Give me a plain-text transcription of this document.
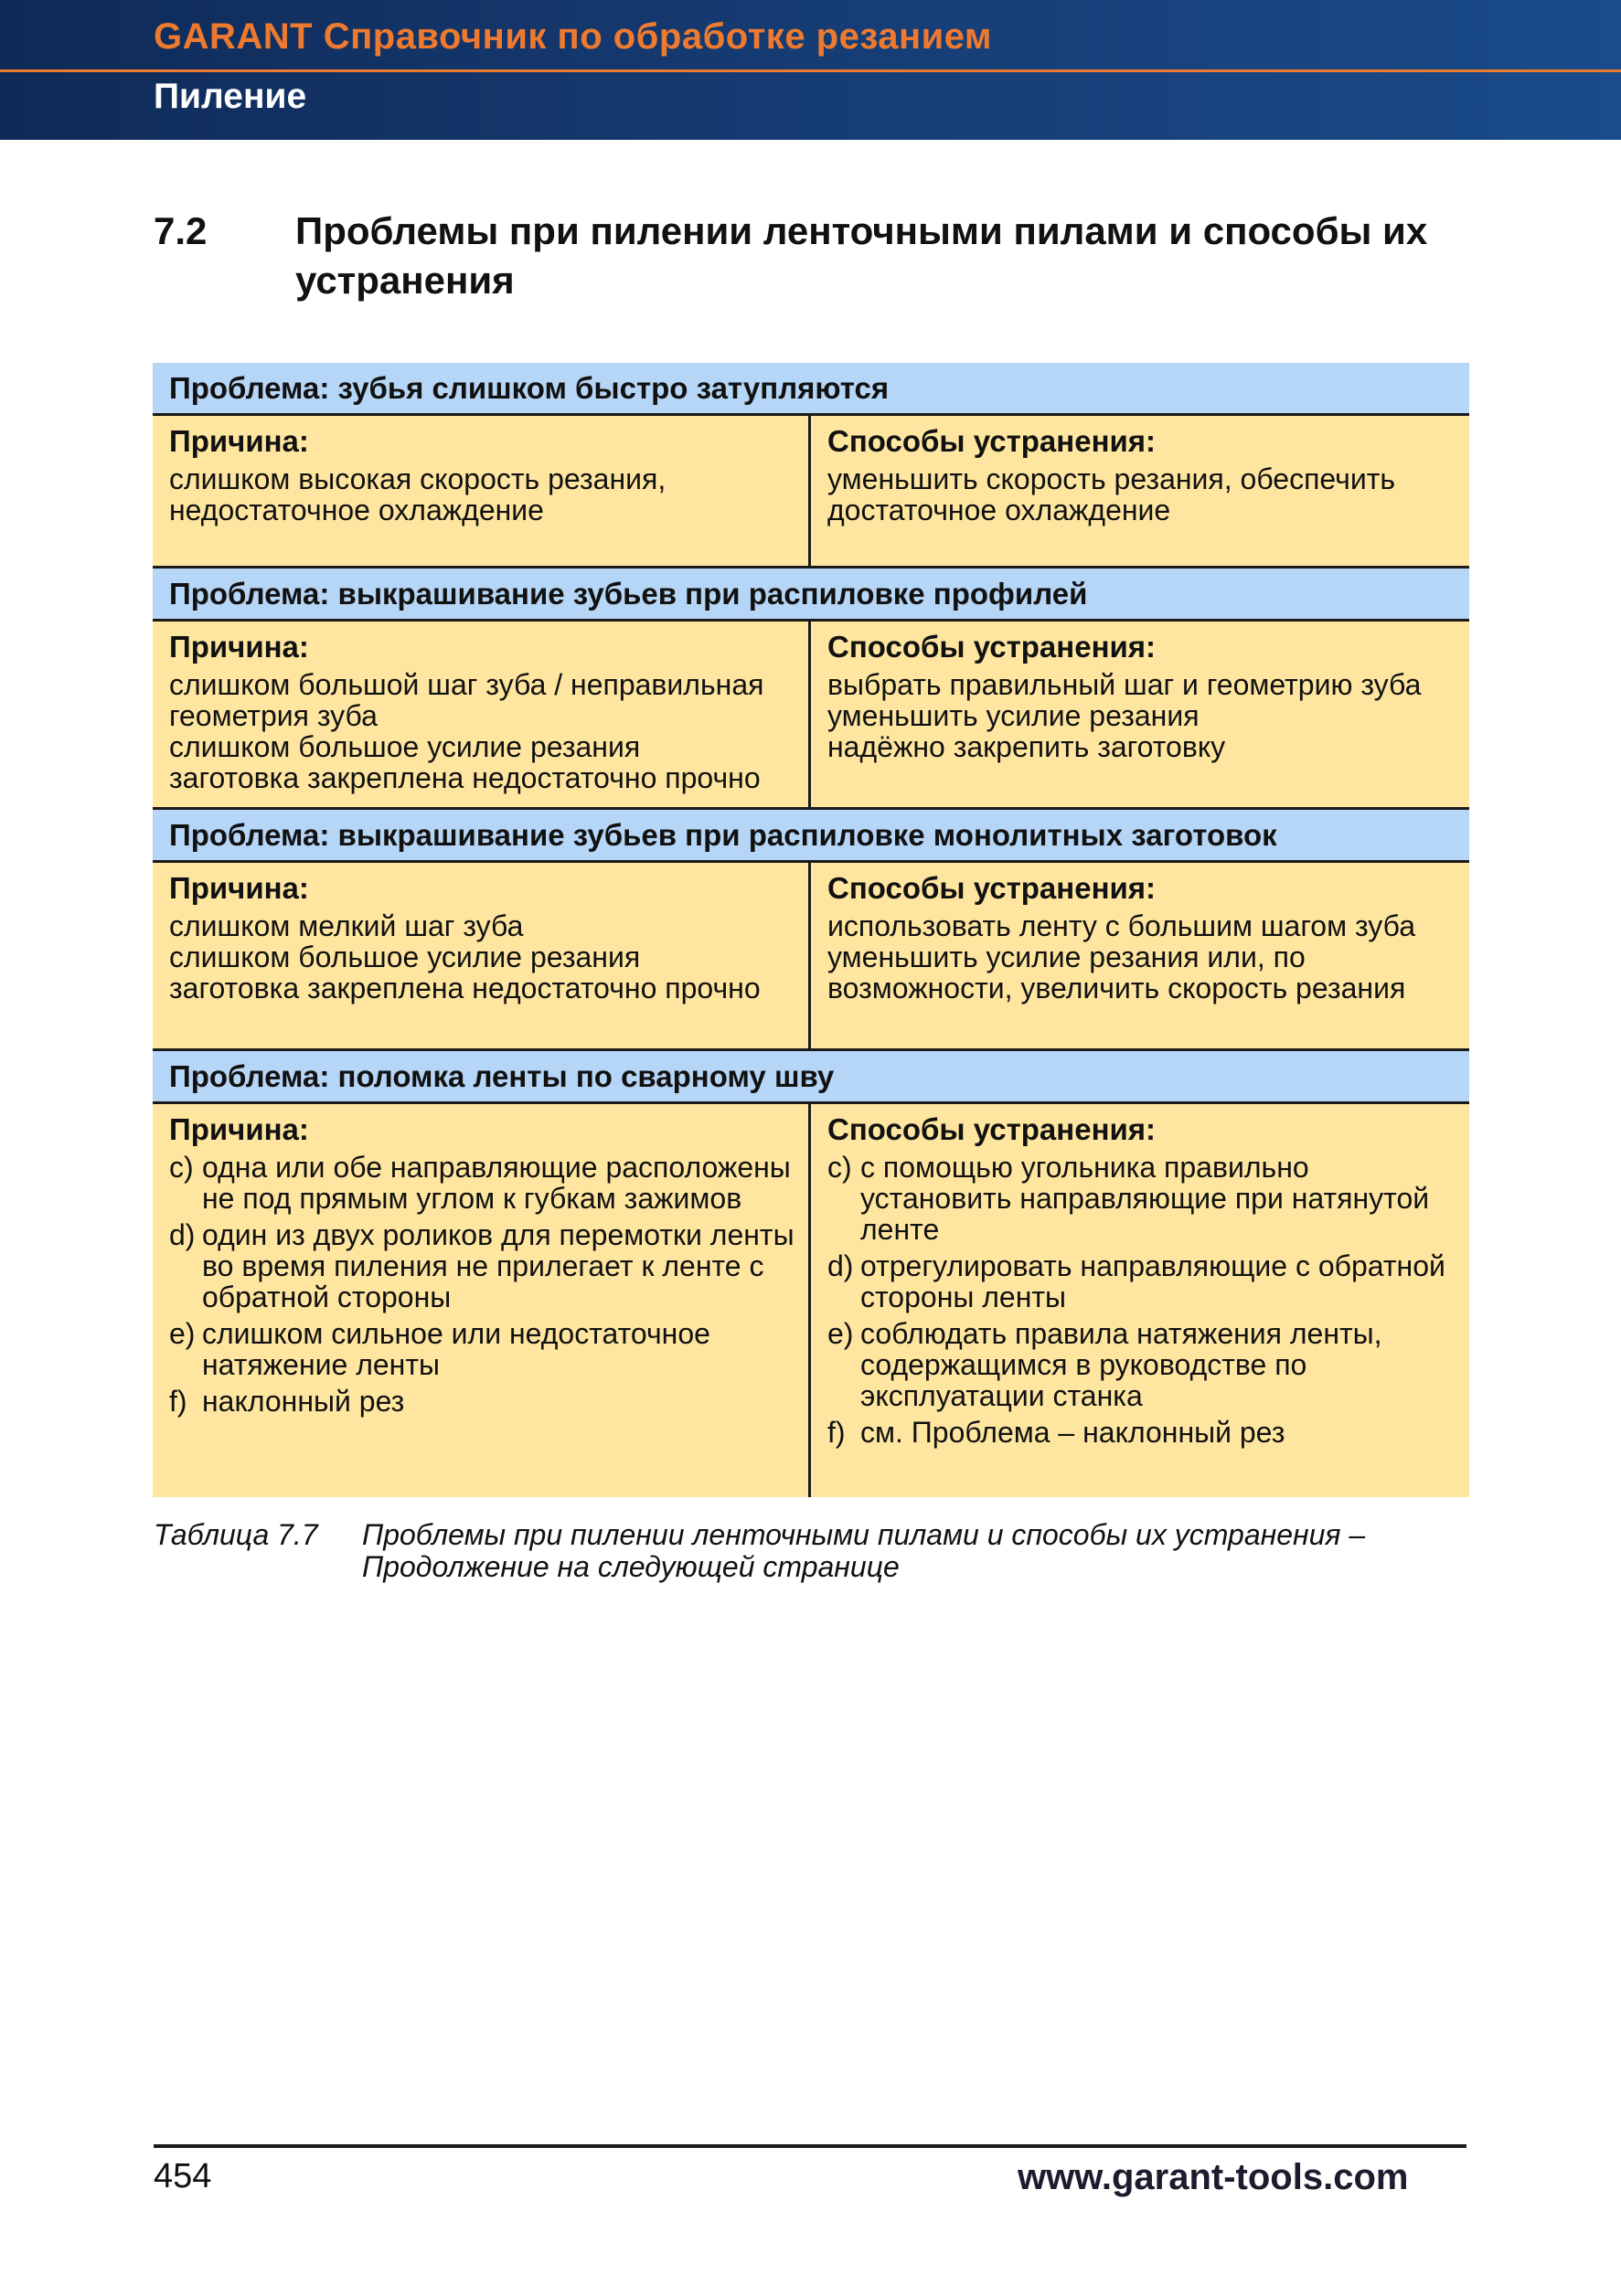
GARANT Справочник по обработке резанием
Пиление
7.2 Проблемы при пилении ленточными пилами и способы их устранения
Проблема: зубья слишком быстро затупляются
Причина:
слишком высокая скорость резания,
недостаточное охлаждение
Способы устранения:
уменьшить скорость резания, обеспечить
достаточное охлаждение
Проблема: выкрашивание зубьев при распиловке профилей
Причина:
слишком большой шаг зуба / неправильная
геометрия зуба
слишком большое усилие резания
заготовка закреплена недостаточно прочно
Способы устранения:
выбрать правильный шаг и геометрию зуба
уменьшить усилие резания
надёжно закрепить заготовку
Проблема: выкрашивание зубьев при распиловке монолитных заготовок
Причина:
слишком мелкий шаг зуба
слишком большое усилие резания
заготовка закреплена недостаточно прочно
Способы устранения:
использовать ленту с большим шагом зуба
уменьшить усилие резания или, по
возможности, увеличить скорость резания
Проблема: поломка ленты по сварному шву
Причина:
c) одна или обе направляющие расположены не под прямым углом к губкам зажимов
d) один из двух роликов для перемотки ленты во время пиления не прилегает к ленте с обратной стороны
e) слишком сильное или недостаточное натяжение ленты
f) наклонный рез
Способы устранения:
c) с помощью угольника правильно установить направляющие при натянутой ленте
d) отрегулировать направляющие с обратной стороны ленты
e) соблюдать правила натяжения ленты, содержащимся в руководстве по эксплуатации станка
f) см. Проблема – наклонный рез
Таблица 7.7 Проблемы при пилении ленточными пилами и способы их устранения – Продолжение на следующей странице
454	www.garant-tools.com
